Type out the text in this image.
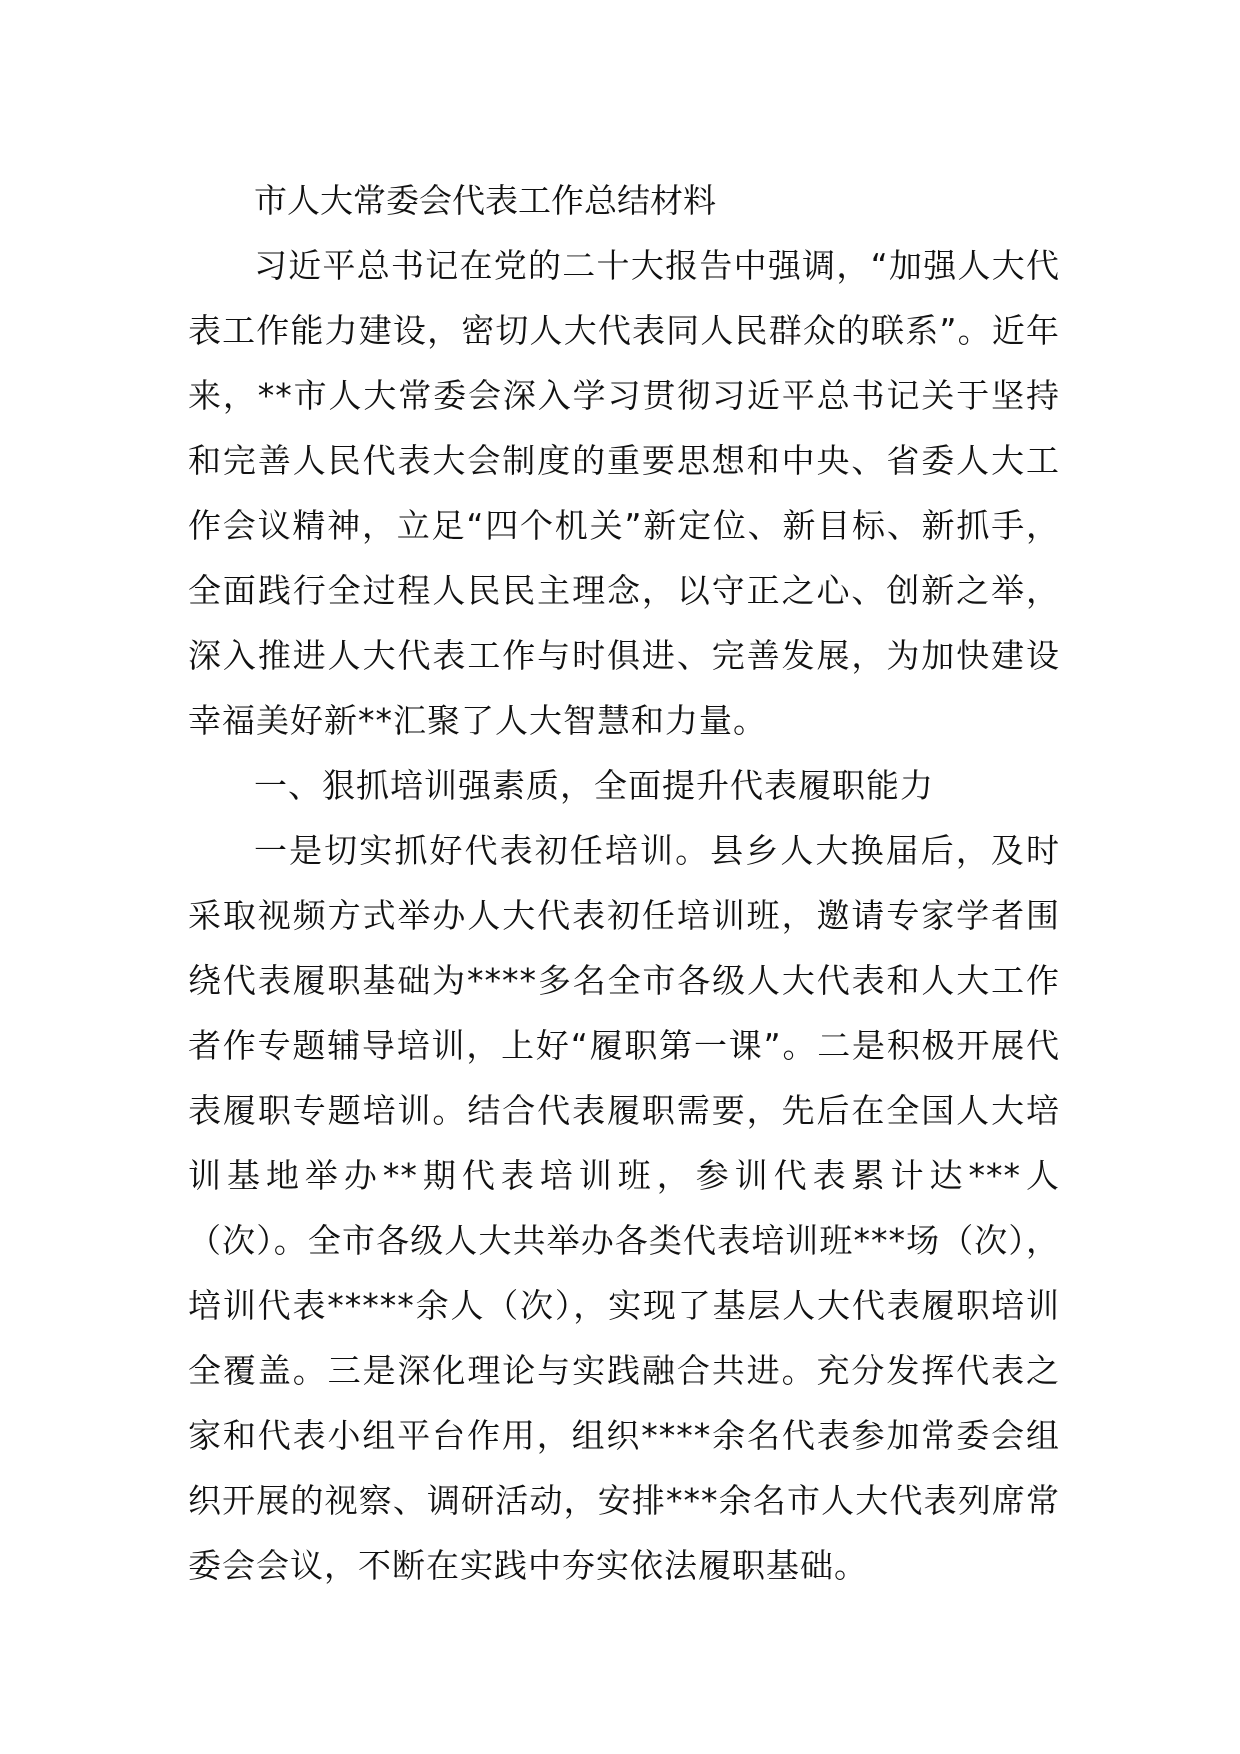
市人大常委会代表工作总结材料

习近平总书记在党的二十大报告中强调，“加强人大代表工作能力建设，密切人大代表同人民群众的联系”。近年来，**市人大常委会深入学习贯彻习近平总书记关于坚持和完善人民代表大会制度的重要思想和中央、省委人大工作会议精神，立足“四个机关”新定位、新目标、新抓手，全面践行全过程人民民主理念，以守正之心、创新之举，深入推进人大代表工作与时俱进、完善发展，为加快建设幸福美好新**汇聚了人大智慧和力量。

一、狠抓培训强素质，全面提升代表履职能力

一是切实抓好代表初任培训。县乡人大换届后，及时采取视频方式举办人大代表初任培训班，邀请专家学者围绕代表履职基础为****多名全市各级人大代表和人大工作者作专题辅导培训，上好“履职第一课”。二是积极开展代表履职专题培训。结合代表履职需要，先后在全国人大培训基地举办**期代表培训班，参训代表累计达***人（次）。全市各级人大共举办各类代表培训班***场（次），培训代表*****余人（次），实现了基层人大代表履职培训全覆盖。三是深化理论与实践融合共进。充分发挥代表之家和代表小组平台作用，组织****余名代表参加常委会组织开展的视察、调研活动，安排***余名市人大代表列席常委会会议，不断在实践中夯实依法履职基础。
